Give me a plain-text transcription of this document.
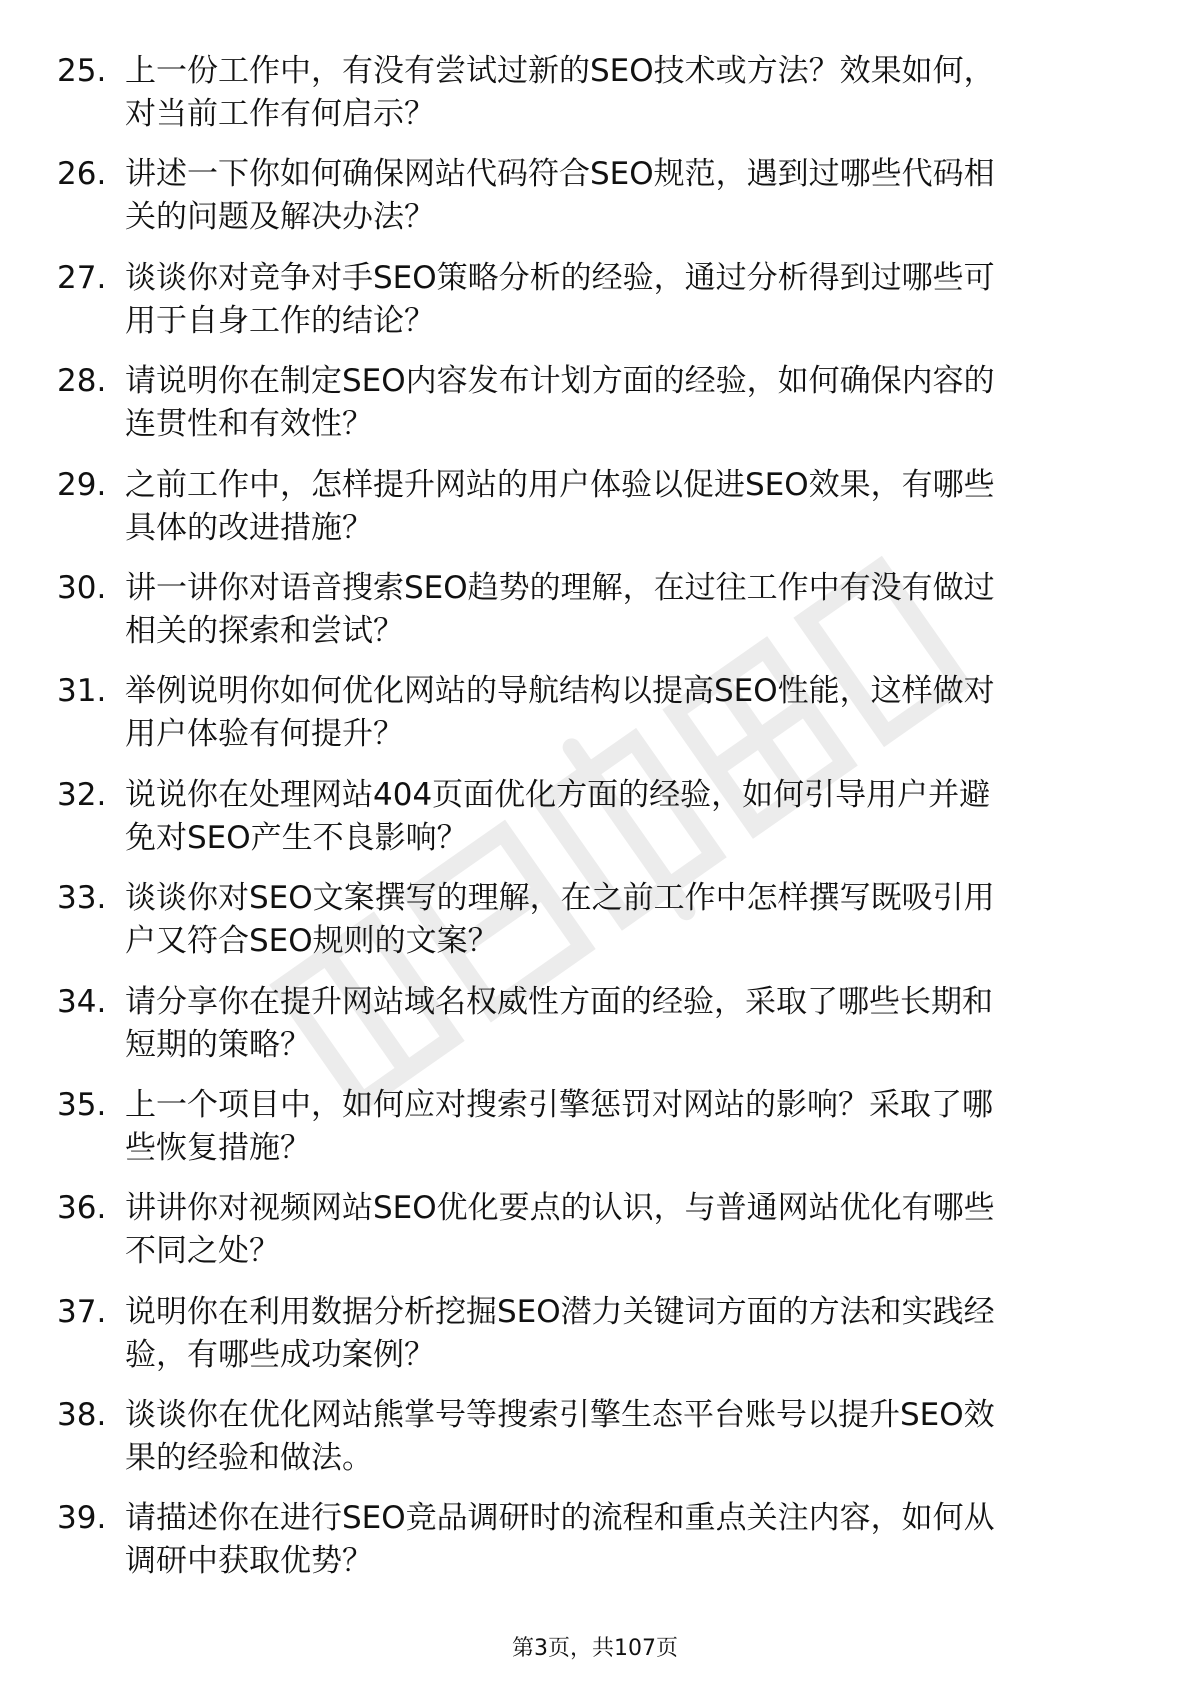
25. 上一份工作中，有没有尝试过新的SEO技术或方法？效果如何，
对当前工作有何启示？
26. 讲述一下你如何确保网站代码符合SEO规范，遇到过哪些代码相
关的问题及解决办法？
27. 谈谈你对竞争对手SEO策略分析的经验，通过分析得到过哪些可
用于自身工作的结论？
28. 请说明你在制定SEO内容发布计划方面的经验，如何确保内容的
连贯性和有效性？
29. 之前工作中，怎样提升网站的用户体验以促进SEO效果，有哪些
具体的改进措施？
30. 讲一讲你对语音搜索SEO趋势的理解，在过往工作中有没有做过
相关的探索和尝试？
31. 举例说明你如何优化网站的导航结构以提高SEO性能，这样做对
用户体验有何提升？
32. 说说你在处理网站404页面优化方面的经验，如何引导用户并避
免对SEO产生不良影响？
33. 谈谈你对SEO文案撰写的理解，在之前工作中怎样撰写既吸引用
户又符合SEO规则的文案？
34. 请分享你在提升网站域名权威性方面的经验，采取了哪些长期和
短期的策略？
35. 上一个项目中，如何应对搜索引擎惩罚对网站的影响？采取了哪
些恢复措施？
36. 讲讲你对视频网站SEO优化要点的认识，与普通网站优化有哪些
不同之处？
37. 说明你在利用数据分析挖掘SEO潜力关键词方面的方法和实践经
验，有哪些成功案例？
38. 谈谈你在优化网站熊掌号等搜索引擎生态平台账号以提升SEO效
果的经验和做法。
39. 请描述你在进行SEO竞品调研时的流程和重点关注内容，如何从
调研中获取优势？
第3页，共107页
